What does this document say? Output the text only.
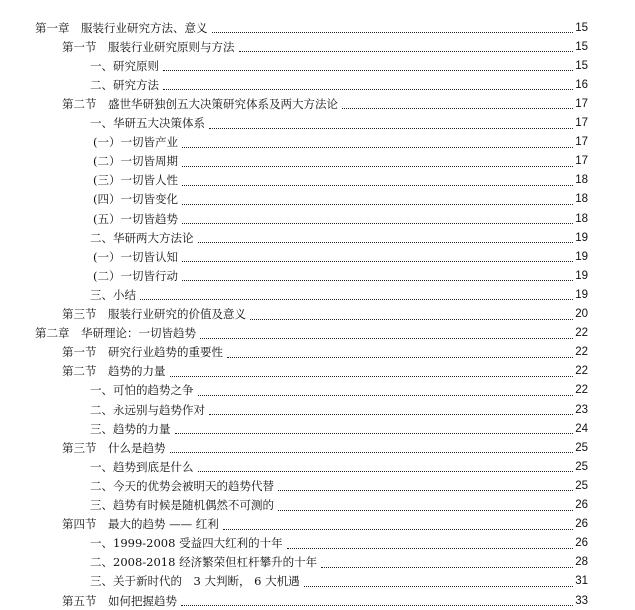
第一章　服装行业研究方法、意义	15
第一节　服装行业研究原则与方法	15
一、研究原则	15
二、研究方法	16
第二节　盛世华研独创五大决策研究体系及两大方法论	17
一、华研五大决策体系	17
(一）一切皆产业	17
(二）一切皆周期	17
(三）一切皆人性	18
(四）一切皆变化	18
(五）一切皆趋势	18
二、华研两大方法论	19
(一）一切皆认知	19
(二）一切皆行动	19
三、小结	19
第三节　服装行业研究的价值及意义	20
第二章　华研理论：一切皆趋势	22
第一节　研究行业趋势的重要性	22
第二节　趋势的力量	22
一、可怕的趋势之争	22
二、永远别与趋势作对	23
三、趋势的力量	24
第三节　什么是趋势	25
一、趋势到底是什么	25
二、今天的优势会被明天的趋势代替	25
三、趋势有时候是随机偶然不可测的	26
第四节　最大的趋势 —— 红利	26
一、1999-2008 受益四大红利的十年	26
二、2008-2018 经济繁荣但杠杆攀升的十年	28
三、关于新时代的　3 大判断， 6 大机遇	31
第五节　如何把握趋势	33
